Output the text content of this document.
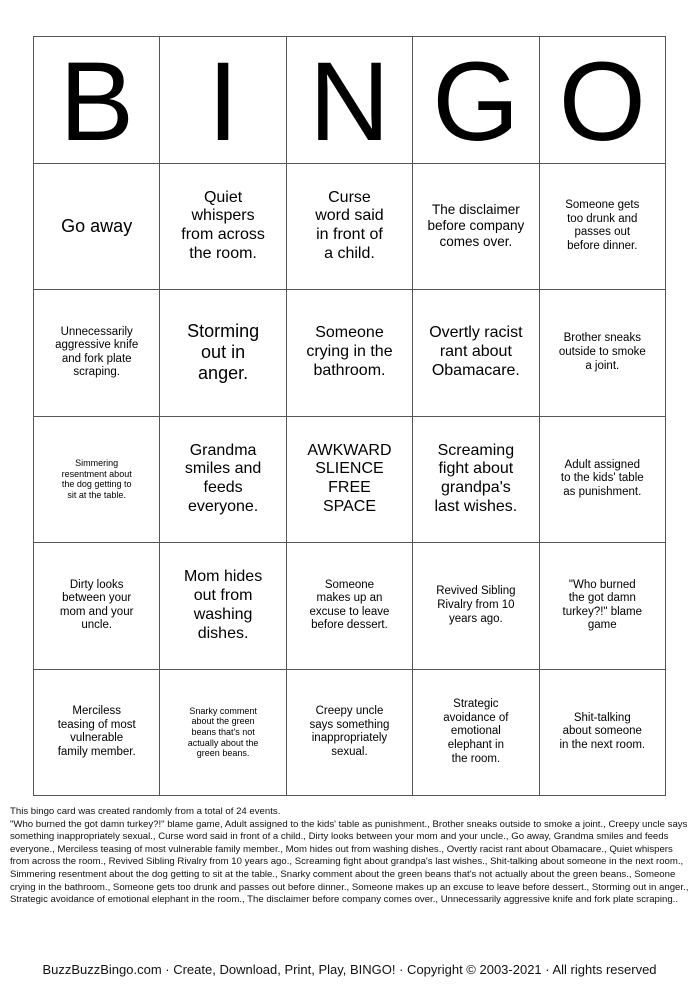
B	I	N	G	O
Go away	Quiet whispers from across the room.	Curse word said in front of a child.	The disclaimer before company comes over.	Someone gets too drunk and passes out before dinner.
Unnecessarily aggressive knife and fork plate scraping.	Storming out in anger.	Someone crying in the bathroom.	Overtly racist rant about Obamacare.	Brother sneaks outside to smoke a joint.
Simmering resentment about the dog getting to sit at the table.	Grandma smiles and feeds everyone.	AWKWARD SLIENCE FREE SPACE	Screaming fight about grandpa's last wishes.	Adult assigned to the kids' table as punishment.
Dirty looks between your mom and your uncle.	Mom hides out from washing dishes.	Someone makes up an excuse to leave before dessert.	Revived Sibling Rivalry from 10 years ago.	"Who burned the got damn turkey?!" blame game
Merciless teasing of most vulnerable family member.	Snarky comment about the green beans that's not actually about the green beans.	Creepy uncle says something inappropriately sexual.	Strategic avoidance of emotional elephant in the room.	Shit-talking about someone in the next room.

This bingo card was created randomly from a total of 24 events.

"Who burned the got damn turkey?!" blame game, Adult assigned to the kids' table as punishment., Brother sneaks outside to smoke a joint., Creepy uncle says something inappropriately sexual., Curse word said in front of a child., Dirty looks between your mom and your uncle., Go away, Grandma smiles and feeds everyone., Merciless teasing of most vulnerable family member., Mom hides out from washing dishes., Overtly racist rant about Obamacare., Quiet whispers from across the room., Revived Sibling Rivalry from 10 years ago., Screaming fight about grandpa's last wishes., Shit-talking about someone in the next room., Simmering resentment about the dog getting to sit at the table., Snarky comment about the green beans that's not actually about the green beans., Someone crying in the bathroom., Someone gets too drunk and passes out before dinner., Someone makes up an excuse to leave before dessert., Storming out in anger., Strategic avoidance of emotional elephant in the room., The disclaimer before company comes over., Unnecessarily aggressive knife and fork plate scraping..

BuzzBuzzBingo.com · Create, Download, Print, Play, BINGO! · Copyright © 2003-2021 · All rights reserved
